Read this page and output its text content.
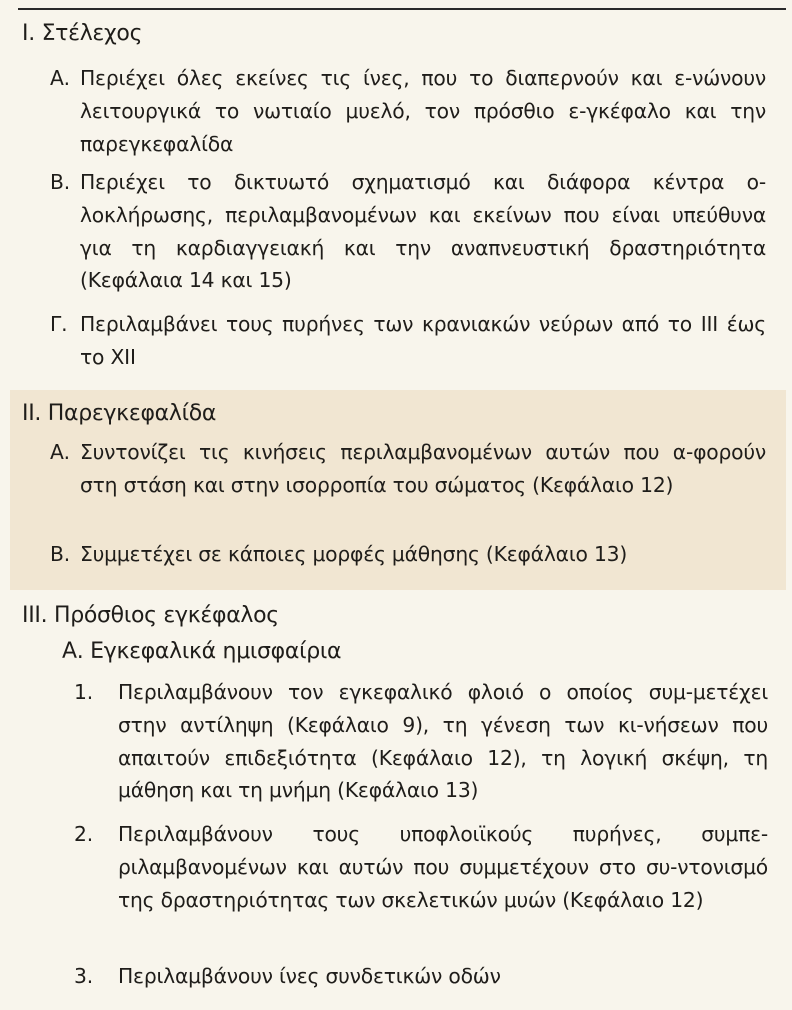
I. Στέλεχος
Α. Περιέχει όλες εκείνες τις ίνες, που το διαπερνούν και ε-νώνουν λειτουργικά το νωτιαίο μυελό, τον πρόσθιο ε-γκέφαλο και την παρεγκεφαλίδα
Β. Περιέχει το δικτυωτό σχηματισμό και διάφορα κέντρα ο-λοκλήρωσης, περιλαμβανομένων και εκείνων που είναι υπεύθυνα για τη καρδιαγγειακή και την αναπνευστική δραστηριότητα (Κεφάλαια 14 και 15)
Γ. Περιλαμβάνει τους πυρήνες των κρανιακών νεύρων από το ΙΙΙ έως το ΧΙΙ
II. Παρεγκεφαλίδα
Α. Συντονίζει τις κινήσεις περιλαμβανομένων αυτών που α-φορούν στη στάση και στην ισορροπία του σώματος (Κεφάλαιο 12)
Β. Συμμετέχει σε κάποιες μορφές μάθησης (Κεφάλαιο 13)
III. Πρόσθιος εγκέφαλος
Α. Εγκεφαλικά ημισφαίρια
1.	Περιλαμβάνουν τον εγκεφαλικό φλοιό ο οποίος συμ-μετέχει στην αντίληψη (Κεφάλαιο 9), τη γένεση των κι-νήσεων που απαιτούν επιδεξιότητα (Κεφάλαιο 12), τη λογική σκέψη, τη μάθηση και τη μνήμη (Κεφάλαιο 13)
2.	Περιλαμβάνουν τους υποφλοιϊκούς πυρήνες, συμπε-ριλαμβανομένων και αυτών που συμμετέχουν στο συ-ντονισμό της δραστηριότητας των σκελετικών μυών (Κεφάλαιο 12)
3.	Περιλαμβάνουν ίνες συνδετικών οδών
